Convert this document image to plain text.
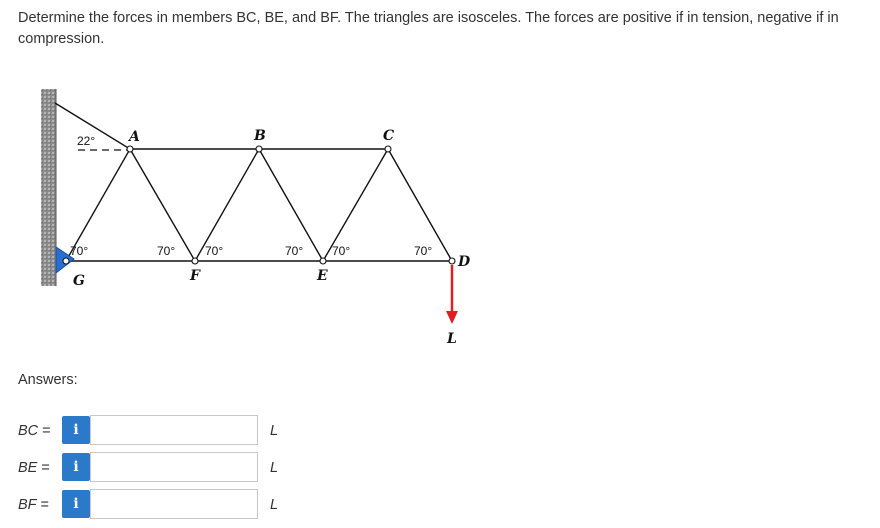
Determine the forces in members BC, BE, and BF. The triangles are isosceles. The forces are positive if in tension, negative if in compression.
A	B	C
D
E
F
G
L
22°
70°	70° 70°	70° 70°	70°
Answers:
BC =	i	L
BE =	i	L
BF =	i	L
